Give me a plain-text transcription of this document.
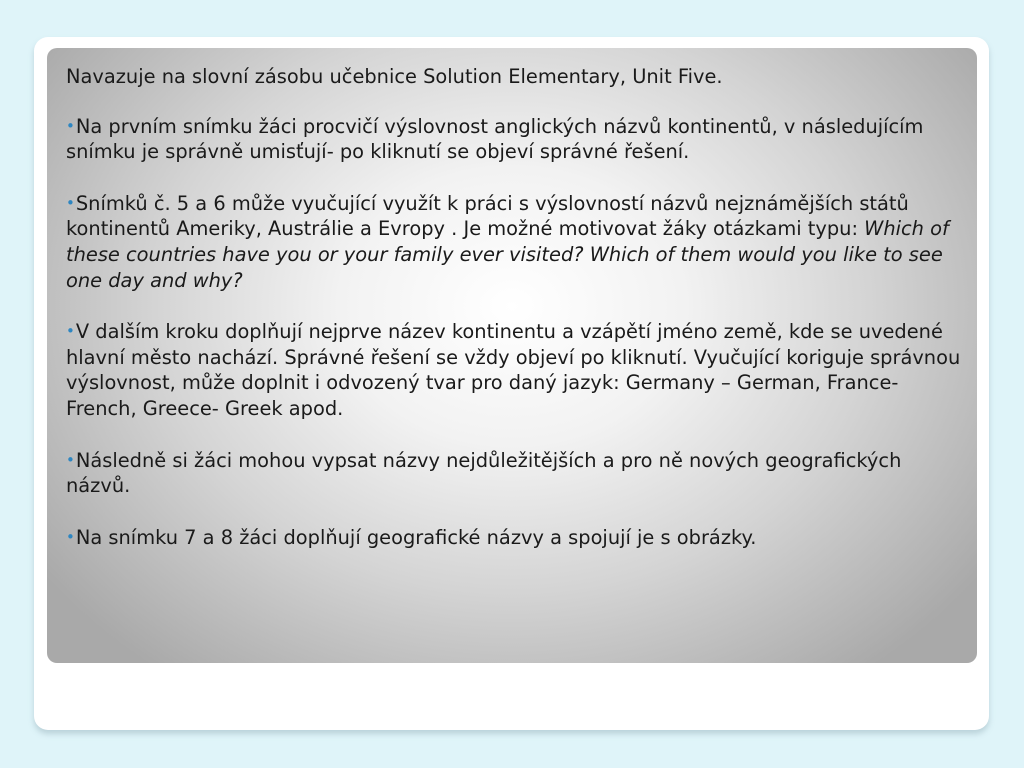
Navazuje na slovní zásobu učebnice Solution Elementary, Unit Five.

•Na prvním snímku žáci procvičí výslovnost anglických názvů kontinentů, v následujícím snímku je správně umisťují- po kliknutí se objeví správné řešení.

•Snímků č. 5 a 6 může vyučující využít k práci s výslovností názvů nejznámějších států kontinentů Ameriky, Austrálie a Evropy . Je možné motivovat žáky otázkami typu: Which of these countries have you or your family ever visited? Which of them would you like to see one day and why?

•V dalším kroku doplňují nejprve název kontinentu a vzápětí jméno země, kde se uvedené hlavní město nachází. Správné řešení se vždy objeví po kliknutí. Vyučující koriguje správnou výslovnost, může doplnit i odvozený tvar pro daný jazyk: Germany – German, France- French, Greece- Greek apod.

•Následně si žáci mohou vypsat názvy nejdůležitějších a pro ně nových geografických názvů.

•Na snímku 7 a 8 žáci doplňují geografické názvy a spojují je s obrázky.
